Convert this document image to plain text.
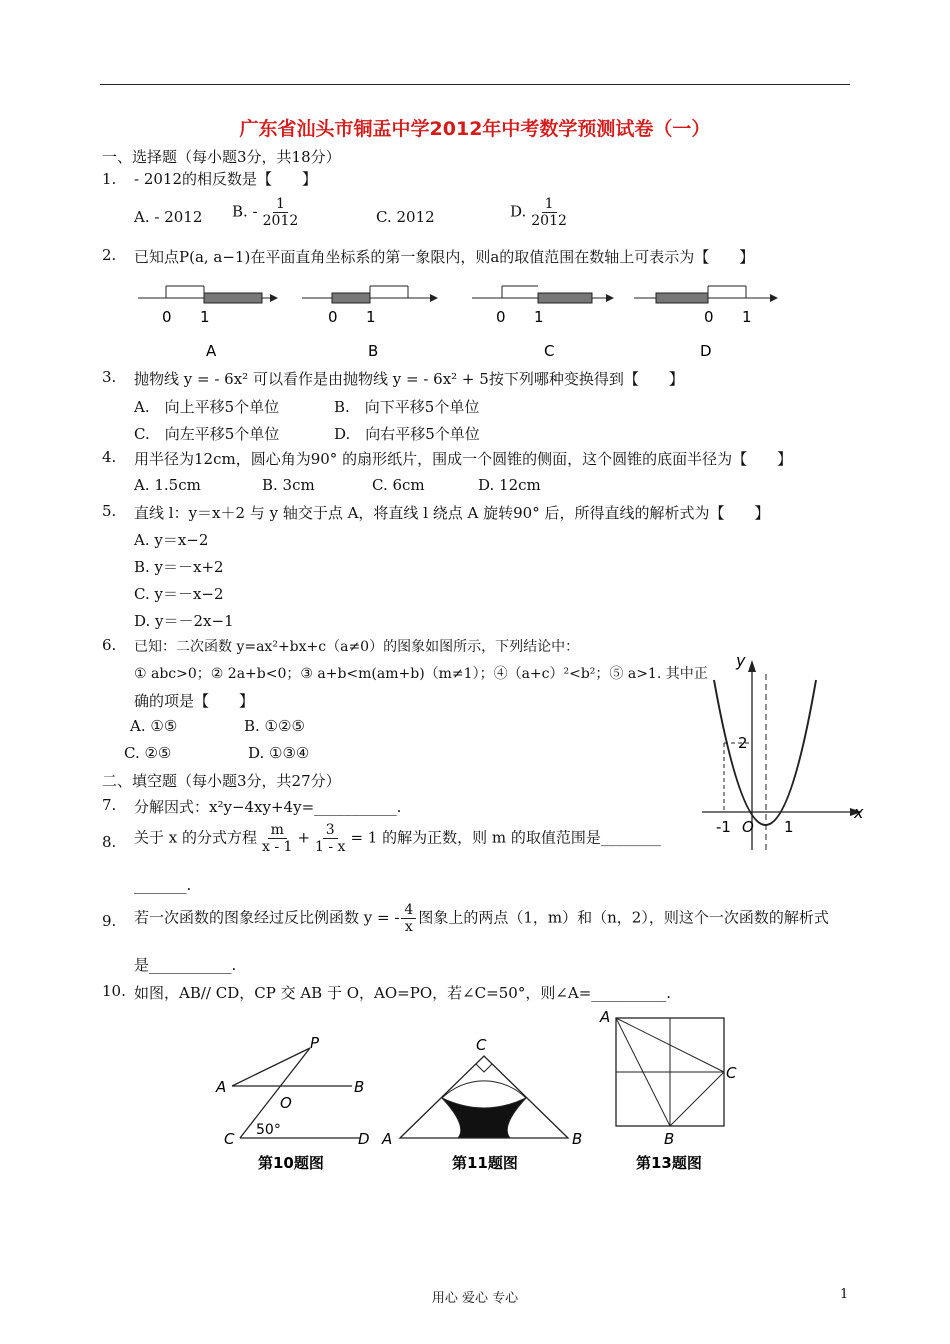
广东省汕头市铜盂中学2012年中考数学预测试卷（一）
一、选择题（每小题3分，共18分）
1. - 2012的相反数是【　　】
A. - 2012 B. - $\frac{1}{2012}$	C. 2012	D. $\frac{1}{2012}$
2. 已知点P(a, a−1)在平面直角坐标系的第一象限内，则a的取值范围在数轴上可表示为【　　】
0 1
A
0 1
B
0 1
C
0 1
D
3. 抛物线 y = - 6x² 可以看作是由抛物线 y = - 6x² + 5按下列哪种变换得到【　　】
A.　向上平移5个单位	B.　向下平移5个单位
C.　向左平移5个单位	D.　向右平移5个单位
4. 用半径为12cm，圆心角为90° 的扇形纸片，围成一个圆锥的侧面，这个圆锥的底面半径为【　　】
A. 1.5cm	B. 3cm	C. 6cm	D. 12cm
5. 直线 l：y＝x＋2 与 y 轴交于点 A，将直线 l 绕点 A 旋转90° 后，所得直线的解析式为【　　】
A. y＝x−2
B. y＝－x+2
C. y＝－x−2
D. y＝－2x−1
6. 已知：二次函数 y=ax²+bx+c（a≠0）的图象如图所示，下列结论中：
① abc>0；② 2a+b<0；③ a+b<m(am+b)（m≠1）；④（a+c）²<b²；⑤ a>1. 其中正
确的项是【　　】
A. ①⑤	B. ①②⑤
C. ②⑤	D. ①③④
y
x
2
-1 O 1
二、填空题（每小题3分，共27分）
7. 分解因式：x²y−4xy+4y=___________.
8. 关于 x 的分式方程 $\frac{m}{x - 1} + \frac{3}{1 - x} = 1$ 的解为正数，则 m 的取值范围是________
_______.
9. 若一次函数的图象经过反比例函数 y = - $\frac{4}{x}$ 图象上的两点（1，m）和（n，2），则这个一次函数的解析式
是___________.
10. 如图，AB// CD，CP 交 AB 于 O，AO=PO，若∠C=50°，则∠A=__________.
P
A	B
O
C	D
50°
第10题图
C
A	B
第11题图
A
C
B
第13题图
用心 爱心 专心	1
